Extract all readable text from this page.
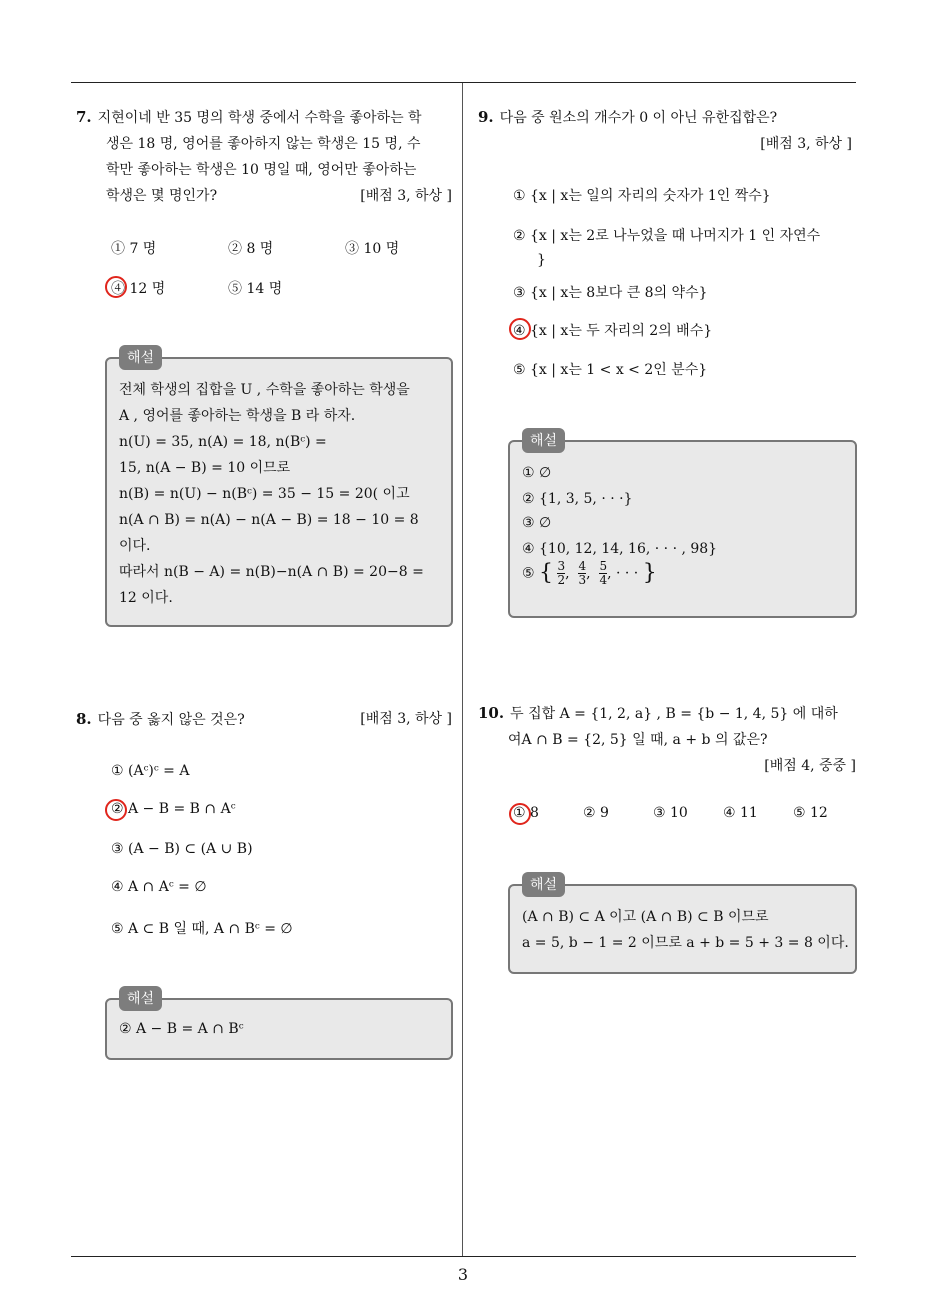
3
7. 지현이네 반 35 명의 학생 중에서 수학을 좋아하는 학
생은 18 명, 영어를 좋아하지 않는 학생은 15 명, 수
학만 좋아하는 학생은 10 명일 때, 영어만 좋아하는
학생은 몇 명인가?	[배점 3, 하상 ]
① 7 명	② 8 명	③ 10 명
④ 12 명	⑤ 14 명
해설
전체 학생의 집합을 U , 수학을 좋아하는 학생을
A , 영어를 좋아하는 학생을 B 라 하자.
n(U) = 35, n(A) = 18, n(Bᶜ) =
15, n(A − B) = 10 이므로
n(B) = n(U) − n(Bᶜ) = 35 − 15 = 20( 이고
n(A ∩ B) = n(A) − n(A − B) = 18 − 10 = 8
이다.
따라서 n(B − A) = n(B)−n(A ∩ B) = 20−8 =
12 이다.
8. 다음 중 옳지 않은 것은?	[배점 3, 하상 ]
① (Aᶜ)ᶜ = A
② A − B = B ∩ Aᶜ
③ (A − B) ⊂ (A ∪ B)
④ A ∩ Aᶜ = ∅
⑤ A ⊂ B 일 때, A ∩ Bᶜ = ∅
해설
② A − B = A ∩ Bᶜ
9. 다음 중 원소의 개수가 0 이 아닌 유한집합은?
[배점 3, 하상 ]
① {x | x는 일의 자리의 숫자가 1인 짝수}
② {x | x는 2로 나누었을 때 나머지가 1 인 자연수
}
③ {x | x는 8보다 큰 8의 약수}
④ {x | x는 두 자리의 2의 배수}
⑤ {x | x는 1 < x < 2인 분수}
해설
① ∅
② {1, 3, 5, · · ·}
③ ∅
④ {10, 12, 14, 16, · · · , 98}
⑤ { $\frac{3}{2}$ , $\frac{4}{3}$ , $\frac{5}{4}$ , · · · }
10. 두 집합 A = {1, 2, a} , B = {b − 1, 4, 5} 에 대하
여A ∩ B = {2, 5} 일 때, a + b 의 값은?
[배점 4, 중중 ]
① 8	② 9	③ 10	④ 11	⑤ 12
해설
(A ∩ B) ⊂ A 이고 (A ∩ B) ⊂ B 이므로
a = 5, b − 1 = 2 이므로 a + b = 5 + 3 = 8 이다.
